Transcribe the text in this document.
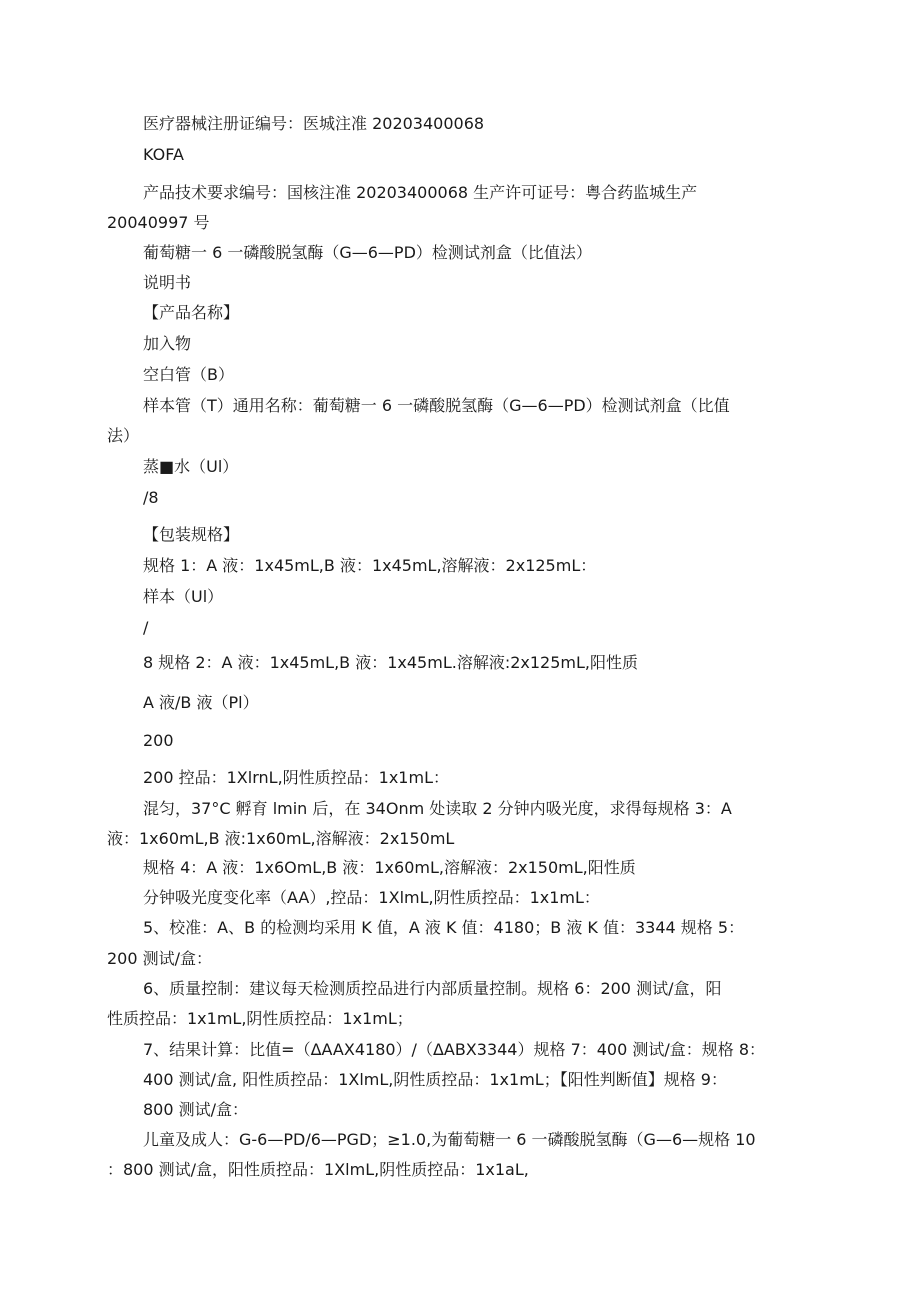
医疗器械注册证编号：医城注准 20203400068
KOFA
产品技术要求编号：国核注准 20203400068 生产许可证号：粤合药监城生产
20040997 号
葡萄糖一 6 一磷酸脱氢酶（G—6—PD）检测试剂盒（比值法）
说明书
【产品名称】
加入物
空白管（B）
样本管（T）通用名称：葡萄糖一 6 一磷酸脱氢酶（G—6—PD）检测试剂盒（比值
法）
蒸■水（Ul）
/8
【包装规格】
规格 1：A 液：1x45mL,B 液：1x45mL,溶解液：2x125mL：
样本（Ul）
/
8 规格 2：A 液：1x45mL,B 液：1x45mL.溶解液:2x125mL,阳性质
A 液/B 液（Pl）
200
200 控品：1XlrnL,阴性质控品：1x1mL：
混匀，37°C 孵育 lmin 后，在 34Onm 处读取 2 分钟内吸光度，求得每规格 3：A
液：1x60mL,B 液:1x60mL,溶解液：2x150mL
规格 4：A 液：1x6OmL,B 液：1x60mL,溶解液：2x150mL,阳性质
分钟吸光度变化率（AA）,控品：1XlmL,阴性质控品：1x1mL：
5、校准：A、B 的检测均采用 K 值，A 液 K 值：4180；B 液 K 值：3344 规格 5：
200 测试/盒：
6、质量控制：建议每天检测质控品进行内部质量控制。规格 6：200 测试/盒，阳
性质控品：1x1mL,阴性质控品：1x1mL；
7、结果计算：比值=（ΔAAX4180）/（ΔABX3344）规格 7：400 测试/盒：规格 8：
400 测试/盒, 阳性质控品：1XlmL,阴性质控品：1x1mL；【阳性判断值】规格 9：
800 测试/盒：
儿童及成人：G-6—PD/6—PGD；≥1.0,为葡萄糖一 6 一磷酸脱氢酶（G—6—规格 10
：800 测试/盒，阳性质控品：1XlmL,阴性质控品：1x1aL,
